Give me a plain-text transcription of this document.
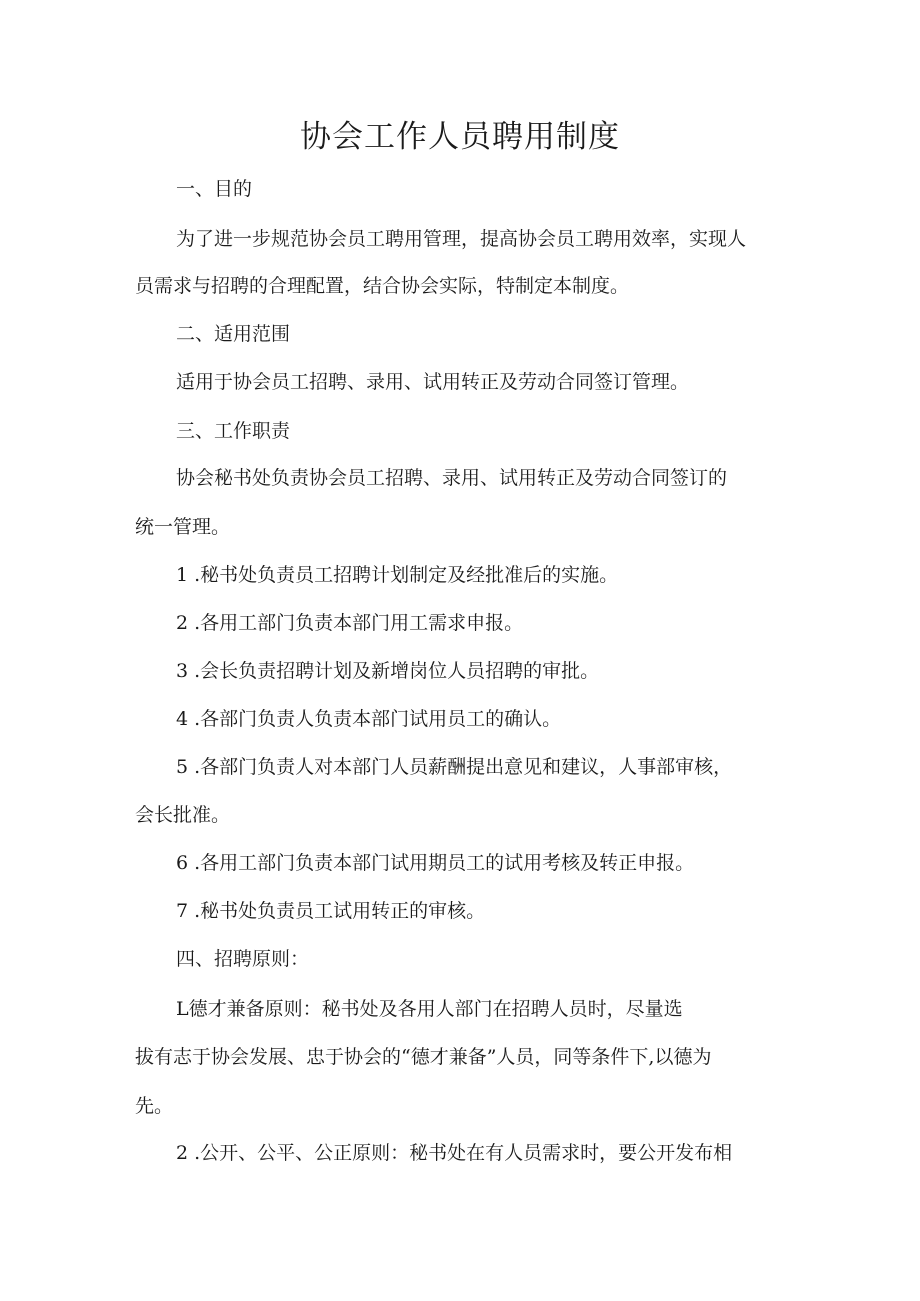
协会工作人员聘用制度

一、目的

为了进一步规范协会员工聘用管理，提高协会员工聘用效率，实现人

员需求与招聘的合理配置，结合协会实际，特制定本制度。

二、适用范围

适用于协会员工招聘、录用、试用转正及劳动合同签订管理。

三、工作职责

协会秘书处负责协会员工招聘、录用、试用转正及劳动合同签订的

统一管理。

1 .秘书处负责员工招聘计划制定及经批准后的实施。

2 .各用工部门负责本部门用工需求申报。

3 .会长负责招聘计划及新增岗位人员招聘的审批。

4 .各部门负责人负责本部门试用员工的确认。

5 .各部门负责人对本部门人员薪酬提出意见和建议，人事部审核，

会长批准。

6 .各用工部门负责本部门试用期员工的试用考核及转正申报。

7 .秘书处负责员工试用转正的审核。

四、招聘原则：

L德才兼备原则：秘书处及各用人部门在招聘人员时，尽量选

拔有志于协会发展、忠于协会的“德才兼备”人员，同等条件下,以德为

先。

2 .公开、公平、公正原则：秘书处在有人员需求时，要公开发布相
